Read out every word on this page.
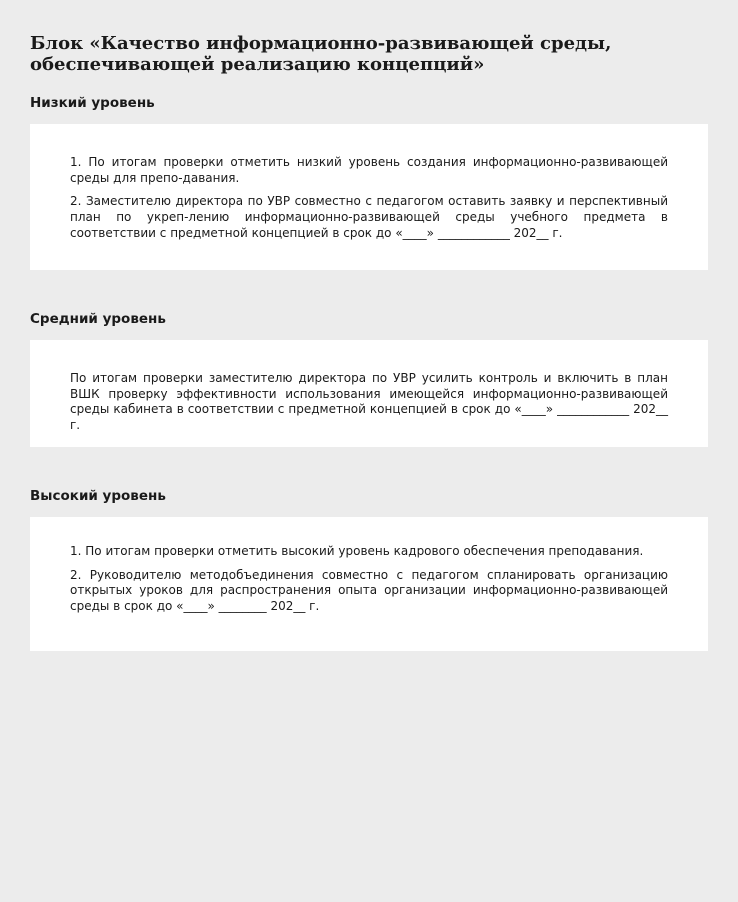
Блок «Качество информационно-развивающей среды, обеспечивающей реализацию концепций»
Низкий уровень

1. По итогам проверки отметить низкий уровень создания информационно-развивающей среды для препо-давания.

2. Заместителю директора по УВР совместно с педагогом оставить заявку и перспективный план по укреп-лению информационно-развивающей среды учебного предмета в соответствии с предметной концепцией в срок до «____» ____________ 202__ г.

Средний уровень

По итогам проверки заместителю директора по УВР усилить контроль и включить в план ВШК проверку эффективности использования имеющейся информационно-развивающей среды кабинета в соответствии с предметной концепцией в срок до «____» ____________ 202__ г.

Высокий уровень

1. По итогам проверки отметить высокий уровень кадрового обеспечения преподавания.

2. Руководителю методобъединения совместно с педагогом спланировать организацию открытых уроков для распространения опыта организации информационно-развивающей среды в срок до «____» ________ 202__ г.
